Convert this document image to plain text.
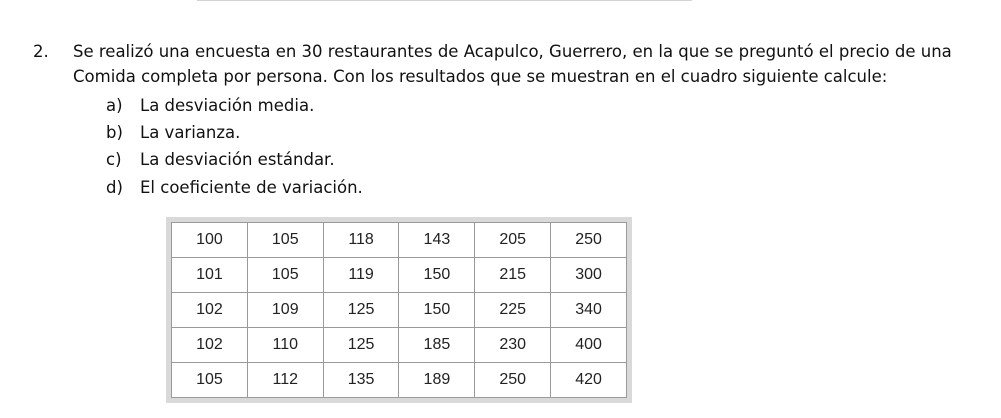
2.	Se realizó una encuesta en 30 restaurantes de Acapulco, Guerrero, en la que se preguntó el precio de una
Comida completa por persona. Con los resultados que se muestran en el cuadro siguiente calcule:
a) La desviación media.
b) La varianza.
c) La desviación estándar.
d) El coeficiente de variación.
100	105	118	143	205	250
101	105	119	150	215	300
102	109	125	150	225	340
102	110	125	185	230	400
105	112	135	189	250	420
